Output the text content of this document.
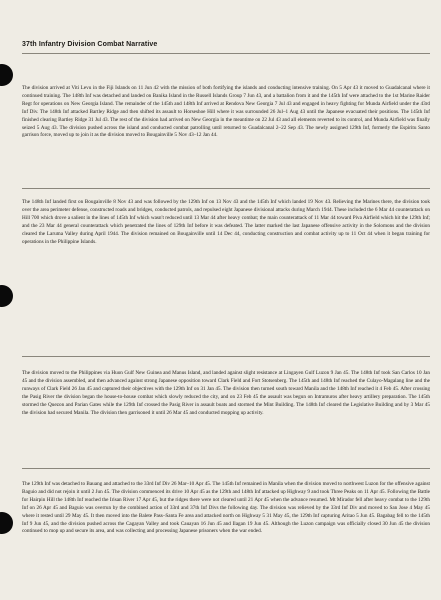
37th Infantry Division Combat Narrative

The division arrived at Viti Levu in the Fiji Islands on 11 Jun 42 with the mission of both fortifying the islands and conducting intensive training. On 5 Apr 43 it moved to Guadalcanal where it continued training. The 148th Inf was detached and landed on Banika Island in the Russell Islands Group 7 Jun 43, and a battalion from it and the 145th Inf were attached to the 1st Marine Raider Regt for operations on New Georgia Island. The remainder of the 145th and 148th Inf arrived at Rendova New Georgia 7 Jul 43 and engaged in heavy fighting for Munda Airfield under the 43rd Inf Div. The 148th Inf attacked Bartley Ridge and then shifted its assault to Horseshoe Hill where it was surrounded 26 Jul–1 Aug 43 until the Japanese evacuated their positions. The 145th Inf finished clearing Bartley Ridge 31 Jul 43. The rest of the division had arrived on New Georgia in the meantime on 22 Jul 43 and all elements reverted to its control, and Munda Airfield was finally seized 5 Aug 43. The division pushed across the island and conducted combat patrolling until returned to Guadalcanal 2–22 Sep 43. The newly assigned 129th Inf, formerly the Espiritu Santo garrison force, moved up to join it as the division moved to Bougainville 5 Nov 43–12 Jan 44.

The 148th Inf landed first on Bougainville 8 Nov 43 and was followed by the 129th Inf on 13 Nov 43 and the 145th Inf which landed 19 Nov 43. Relieving the Marines there, the division took over the area perimeter defense, constructed roads and bridges, conducted patrols, and repulsed eight Japanese divisional attacks during March 1944. These included the 6 Mar 44 counterattack on Hill 700 which drove a salient in the lines of 145th Inf which wasn't reduced until 13 Mar 44 after heavy combat; the main counterattack of 11 Mar 44 toward Piva Airfield which hit the 129th Inf; and the 23 Mar 44 general counterattack which penetrated the lines of 129th Inf before it was defeated. The latter marked the last Japanese offensive activity in the Solomons and the division cleared the Laruma Valley during April 1944. The division remained on Bougainville until 14 Dec 44, conducting construction and combat activity up to 11 Oct 44 when it began training for operations in the Philippine Islands.

The division moved to the Philippines via Huon Gulf New Guinea and Manus Island, and landed against slight resistance at Lingayen Gulf Luzon 9 Jan 45. The 148th Inf took San Carlos 10 Jan 45 and the division assembled, and then advanced against strong Japanese opposition toward Clark Field and Fort Stotsenberg. The 145th and 148th Inf reached the Culayo-Magalang line and the runways of Clark Field 26 Jan 45 and captured their objectives with the 129th Inf on 31 Jan 45. The division then turned south toward Manila and the 148th Inf reached it 4 Feb 45. After crossing the Pasig River the division began the house-to-house combat which slowly reduced the city, and on 23 Feb 45 the assault was begun on Intramuros after heavy artillery preparation. The 145th stormed the Quezon and Parian Gates while the 129th Inf crossed the Pasig River in assault boats and stormed the Mint Building. The 148th Inf cleared the Legislative Building and by 3 Mar 45 the division had secured Manila. The division then garrisoned it until 26 Mar 45 and conducted mopping up activity.

The 129th Inf was detached to Bauang and attached to the 33rd Inf Div 26 Mar–10 Apr 45. The 145th Inf remained in Manila when the division moved to northwest Luzon for the offensive against Baguio and did not rejoin it until 2 Jun 45. The division commenced its drive 10 Apr 45 as the 129th and 148th Inf attacked up Highway 9 and took Three Peaks on 11 Apr 45. Following the Battle for Hairpin Hill the 148th Inf reached the Irisan River 17 Apr 45, but the ridges there were not cleared until 21 Apr 45 when the advance resumed. Mt Mirador fell after heavy combat to the 129th Inf on 26 Apr 45 and Baguio was overrun by the combined action of 33rd and 37th Inf Divs the following day. The division was relieved by the 33rd Inf Div and moved to San Jose 4 May 45 where it rested until 29 May 45. It then moved into the Balete Pass–Santa Fe area and attacked north on Highway 5 31 May 45, the 129th Inf capturing Aritao 5 Jun 45. Bagabag fell to the 145th Inf 9 Jun 45, and the division pushed across the Cagayan Valley and took Cauayan 16 Jun 45 and Ilagan 19 Jun 45. Although the Luzon campaign was officially closed 30 Jun 45 the division continued to mop up and secure its area, and was collecting and processing Japanese prisoners when the war ended.
